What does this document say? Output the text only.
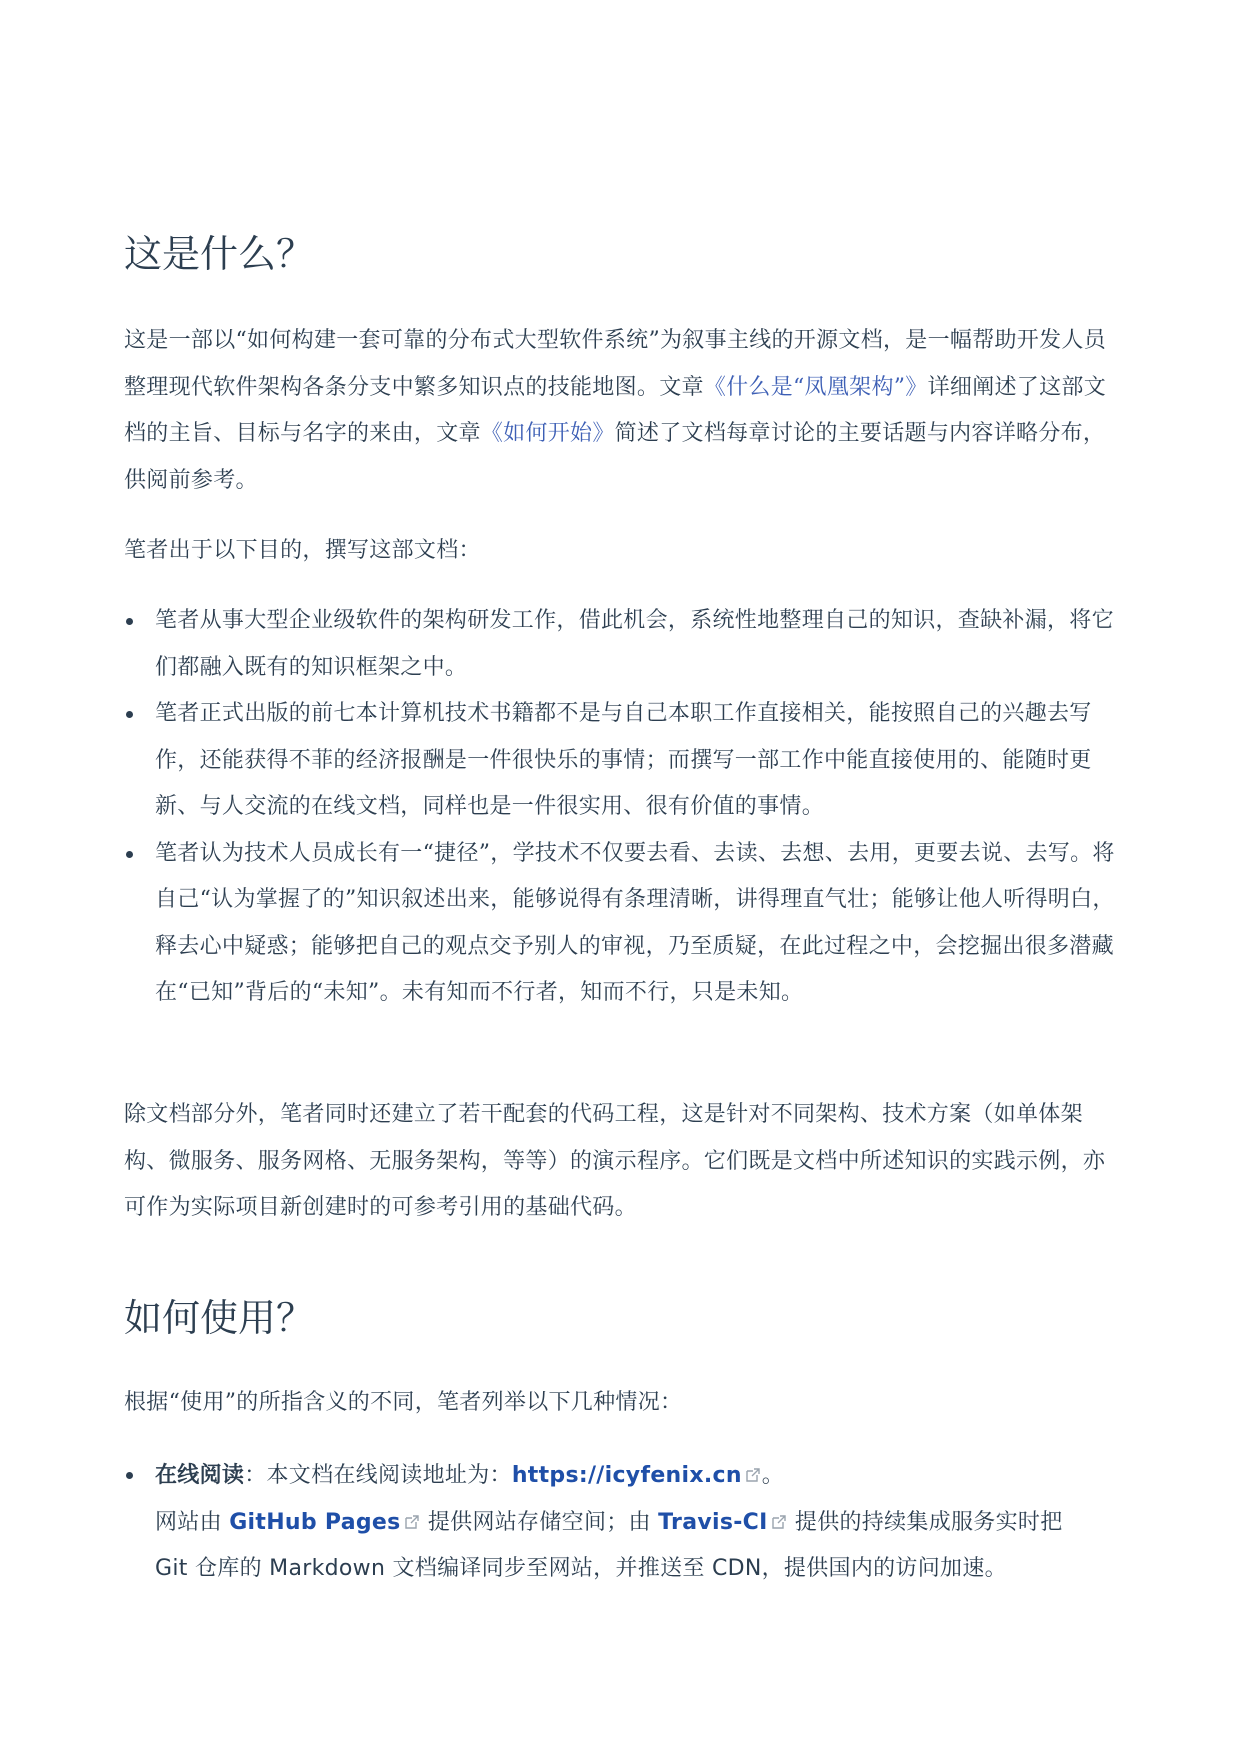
这是什么？

这是一部以“如何构建一套可靠的分布式大型软件系统”为叙事主线的开源文档，是一幅帮助开发人员整理现代软件架构各条分支中繁多知识点的技能地图。文章《什么是“凤凰架构”》详细阐述了这部文档的主旨、目标与名字的来由，文章《如何开始》简述了文档每章讨论的主要话题与内容详略分布，供阅前参考。

笔者出于以下目的，撰写这部文档：

笔者从事大型企业级软件的架构研发工作，借此机会，系统性地整理自己的知识，查缺补漏，将它们都融入既有的知识框架之中。
笔者正式出版的前七本计算机技术书籍都不是与自己本职工作直接相关，能按照自己的兴趣去写作，还能获得不菲的经济报酬是一件很快乐的事情；而撰写一部工作中能直接使用的、能随时更新、与人交流的在线文档，同样也是一件很实用、很有价值的事情。
笔者认为技术人员成长有一“捷径”，学技术不仅要去看、去读、去想、去用，更要去说、去写。将自己“认为掌握了的”知识叙述出来，能够说得有条理清晰，讲得理直气壮；能够让他人听得明白，释去心中疑惑；能够把自己的观点交予别人的审视，乃至质疑，在此过程之中，会挖掘出很多潜藏在“已知”背后的“未知”。未有知而不行者，知而不行，只是未知。

除文档部分外，笔者同时还建立了若干配套的代码工程，这是针对不同架构、技术方案（如单体架构、微服务、服务网格、无服务架构，等等）的演示程序。它们既是文档中所述知识的实践示例，亦可作为实际项目新创建时的可参考引用的基础代码。

如何使用？

根据“使用”的所指含义的不同，笔者列举以下几种情况：

在线阅读：本文档在线阅读地址为：https://icyfenix.cn 。
网站由 GitHub Pages 提供网站存储空间；由 Travis-CI 提供的持续集成服务实时把
Git 仓库的 Markdown 文档编译同步至网站，并推送至 CDN，提供国内的访问加速。
